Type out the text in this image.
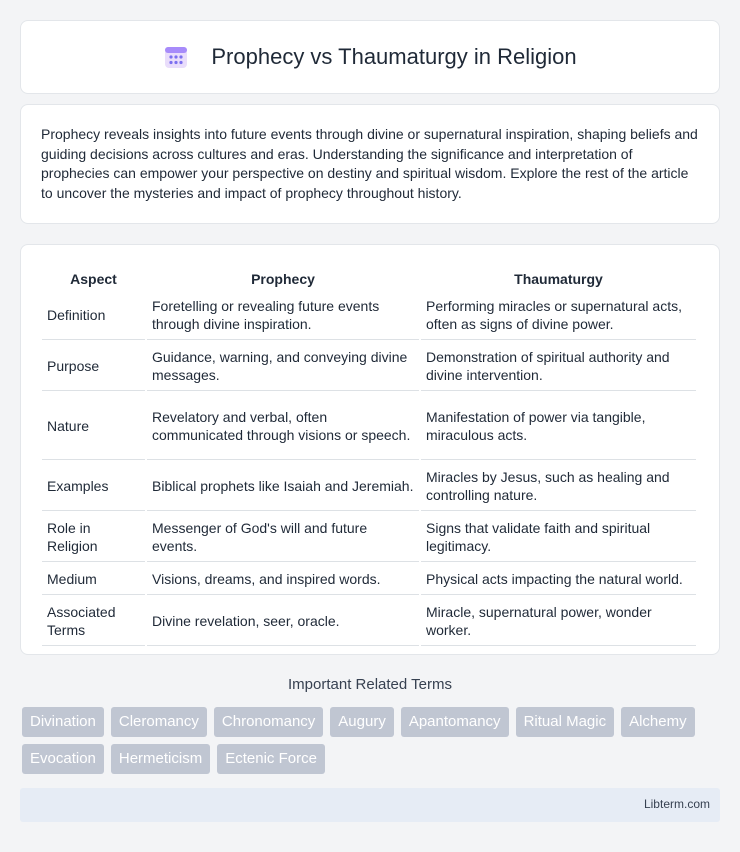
Prophecy vs Thaumaturgy in Religion

Prophecy reveals insights into future events through divine or supernatural inspiration, shaping beliefs and guiding decisions across cultures and eras. Understanding the significance and interpretation of prophecies can empower your perspective on destiny and spiritual wisdom. Explore the rest of the article to uncover the mysteries and impact of prophecy throughout history.

Aspect	Prophecy	Thaumaturgy
Definition	Foretelling or revealing future events through divine inspiration.	Performing miracles or supernatural acts, often as signs of divine power.
Purpose	Guidance, warning, and conveying divine messages.	Demonstration of spiritual authority and divine intervention.
Nature	Revelatory and verbal, often communicated through visions or speech.	Manifestation of power via tangible, miraculous acts.
Examples	Biblical prophets like Isaiah and Jeremiah.	Miracles by Jesus, such as healing and controlling nature.
Role in Religion	Messenger of God's will and future events.	Signs that validate faith and spiritual legitimacy.
Medium	Visions, dreams, and inspired words.	Physical acts impacting the natural world.
Associated Terms	Divine revelation, seer, oracle.	Miracle, supernatural power, wonder worker.
Important Related Terms
Divination	Cleromancy	Chronomancy	Augury	Apantomancy	Ritual Magic	Alchemy
Evocation	Hermeticism	Ectenic Force
Libterm.com
